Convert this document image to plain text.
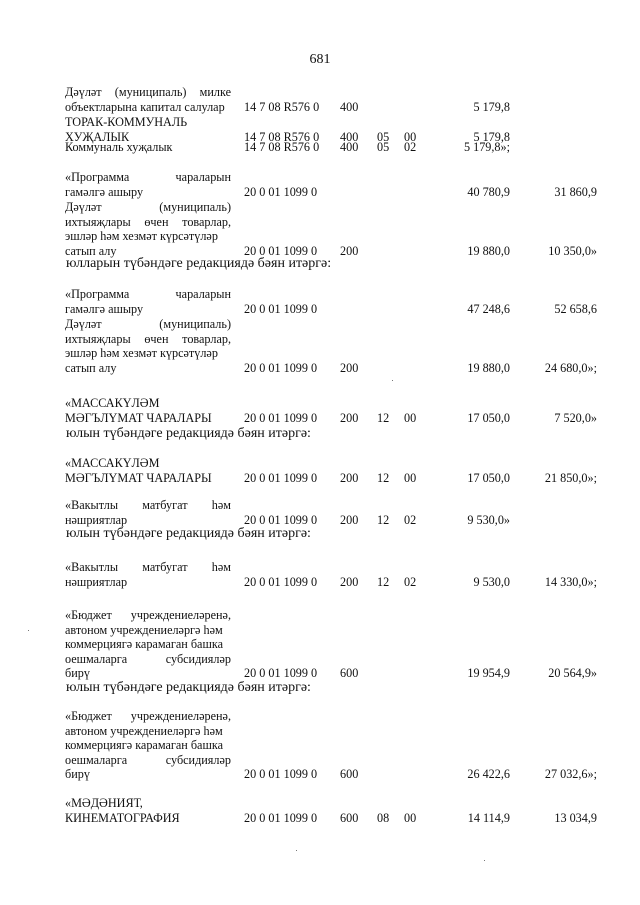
681
Дәүләт (муниципаль) милке
объектларына капитал салулар	14 7 08 R576 0 400	5 179,8
ТОРАК-КОММУНАЛЬ
ХУҖАЛЫК	14 7 08 R576 0 400 05 00	5 179,8
Коммуналь хуҗалык	14 7 08 R576 0 400 05 02	5 179,8»;
«Программа чараларын
гамәлгә ашыру	20 0 01 1099 0	40 780,9	31 860,9
Дәүләт (муниципаль)
ихтыяҗлары өчен товарлар,
эшләр һәм хезмәт күрсәтүләр
сатып алу	20 0 01 1099 0 200	19 880,0	10 350,0»
«Программа чараларын
гамәлгә ашыру	20 0 01 1099 0	47 248,6	52 658,6
Дәүләт (муниципаль)
ихтыяҗлары өчен товарлар,
эшләр һәм хезмәт күрсәтүләр
сатып алу	20 0 01 1099 0 200	19 880,0	24 680,0»;
«МАССАКҮЛӘМ
МӘГЪЛҮМАТ ЧАРАЛАРЫ	20 0 01 1099 0 200 12 00	17 050,0	7 520,0»
«МАССАКҮЛӘМ
МӘГЪЛҮМАТ ЧАРАЛАРЫ	20 0 01 1099 0 200 12 00	17 050,0	21 850,0»;
«Вакытлы матбугат һәм
нәшриятлар	20 0 01 1099 0 200 12 02	9 530,0»
«Вакытлы матбугат һәм
нәшриятлар	20 0 01 1099 0 200 12 02	9 530,0	14 330,0»;
«Бюджет учреждениеләренә,
автоном учреждениеләргә һәм
коммерциягә карамаган башка
оешмаларга субсидияләр
бирү	20 0 01 1099 0 600	19 954,9	20 564,9»
«Бюджет учреждениеләренә,
автоном учреждениеләргә һәм
коммерциягә карамаган башка
оешмаларга субсидияләр
бирү	20 0 01 1099 0 600	26 422,6	27 032,6»;
«МӘДӘНИЯТ,
КИНЕМАТОГРАФИЯ	20 0 01 1099 0 600 08 00	14 114,9	13 034,9
юлларын түбәндәге редакциядә бәян итәргә:
юлын түбәндәге редакциядә бәян итәргә:
юлын түбәндәге редакциядә бәян итәргә:
юлын түбәндәге редакциядә бәян итәргә:
